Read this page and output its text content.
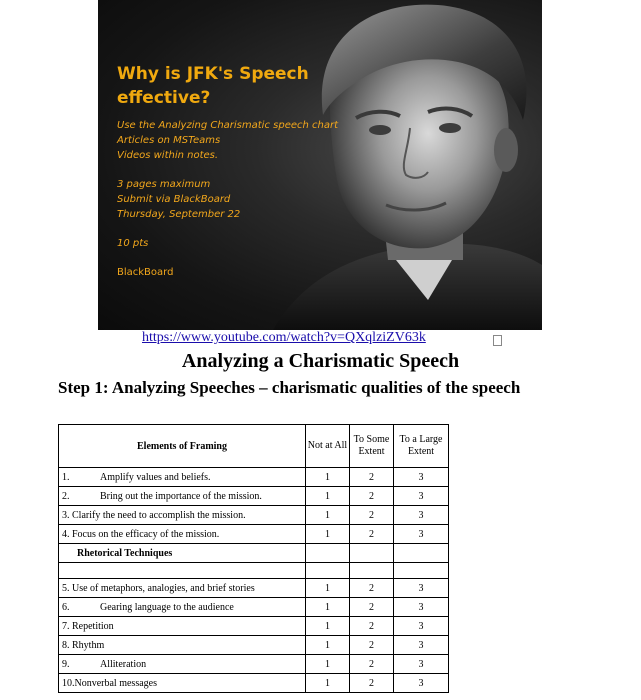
Why is JFK's Speech effective?
Use the Analyzing Charismatic speech chart
Articles on MSTeams
Videos within notes.
3 pages maximum
Submit via BlackBoard
Thursday, September 22
10 pts
BlackBoard
https://www.youtube.com/watch?v=QXqlziZV63k
Analyzing a Charismatic Speech
Step 1: Analyzing Speeches – charismatic qualities of the speech
Elements of Framing	Not at All	To Some Extent	To a Large Extent
1. Amplify values and beliefs.	1	2	3
2. Bring out the importance of the mission.	1	2	3
3. Clarify the need to accomplish the mission.	1	2	3
4. Focus on the efficacy of the mission.	1	2	3
Rhetorical Techniques			

5. Use of metaphors, analogies, and brief stories	1	2	3
6. Gearing language to the audience	1	2	3
7. Repetition	1	2	3
8. Rhythm	1	2	3
9. Alliteration	1	2	3
10.Nonverbal messages	1	2	3
